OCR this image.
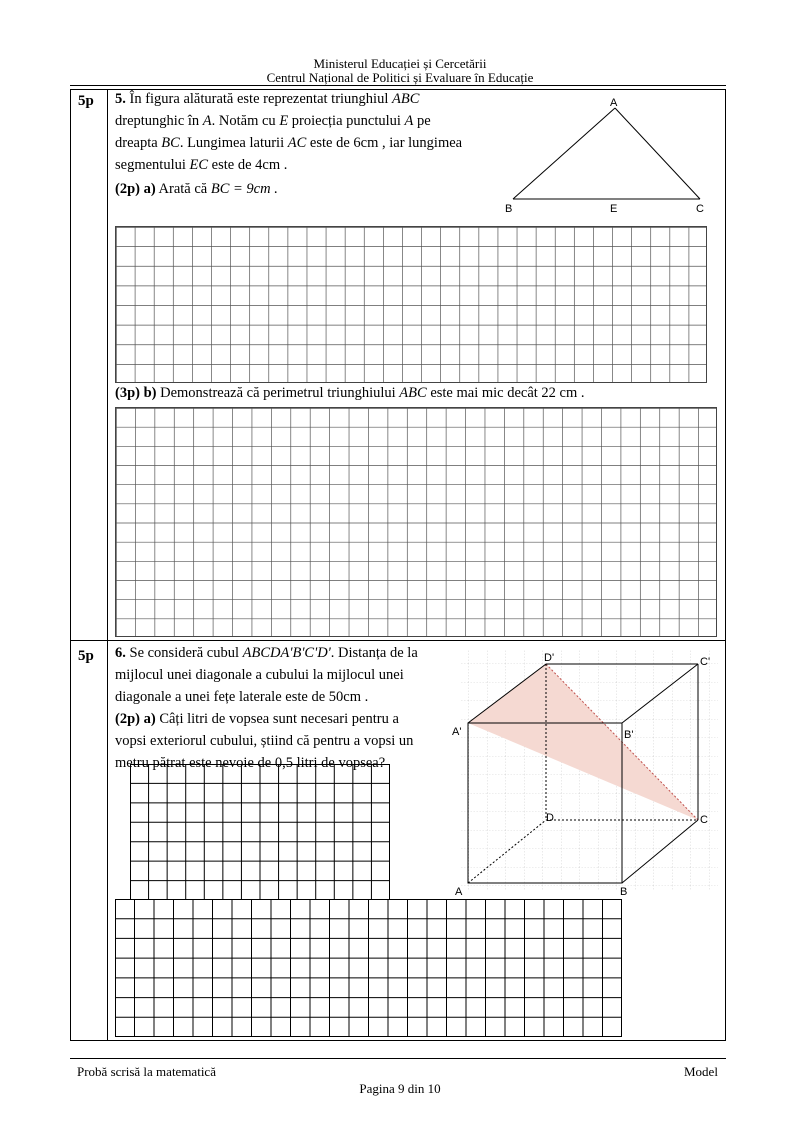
Ministerul Educației și Cercetării
Centrul Național de Politici și Evaluare în Educație
5p 5. În figura alăturată este reprezentat triunghiul ABC
dreptunghic în A. Notăm cu E proiecția punctului A pe
dreapta BC. Lungimea laturii AC este de 6cm , iar lungimea
segmentului EC este de 4cm .
(2p) a) Arată că BC = 9cm .
A
B	E	C
(3p) b) Demonstrează că perimetrul triunghiului ABC este mai mic decât 22 cm .
5p 6. Se consideră cubul ABCDA'B'C'D'. Distanța de la
mijlocul unei diagonale a cubului la mijlocul unei
diagonale a unei fețe laterale este de 50cm .
(2p) a) Câți litri de vopsea sunt necesari pentru a
vopsi exteriorul cubului, știind că pentru a vopsi un
metru pătrat este nevoie de 0,5 litri de vopsea?
A	B
C
D
A'	B'
C'
D'
Probă scrisă la matematică	Model
Pagina 9 din 10
